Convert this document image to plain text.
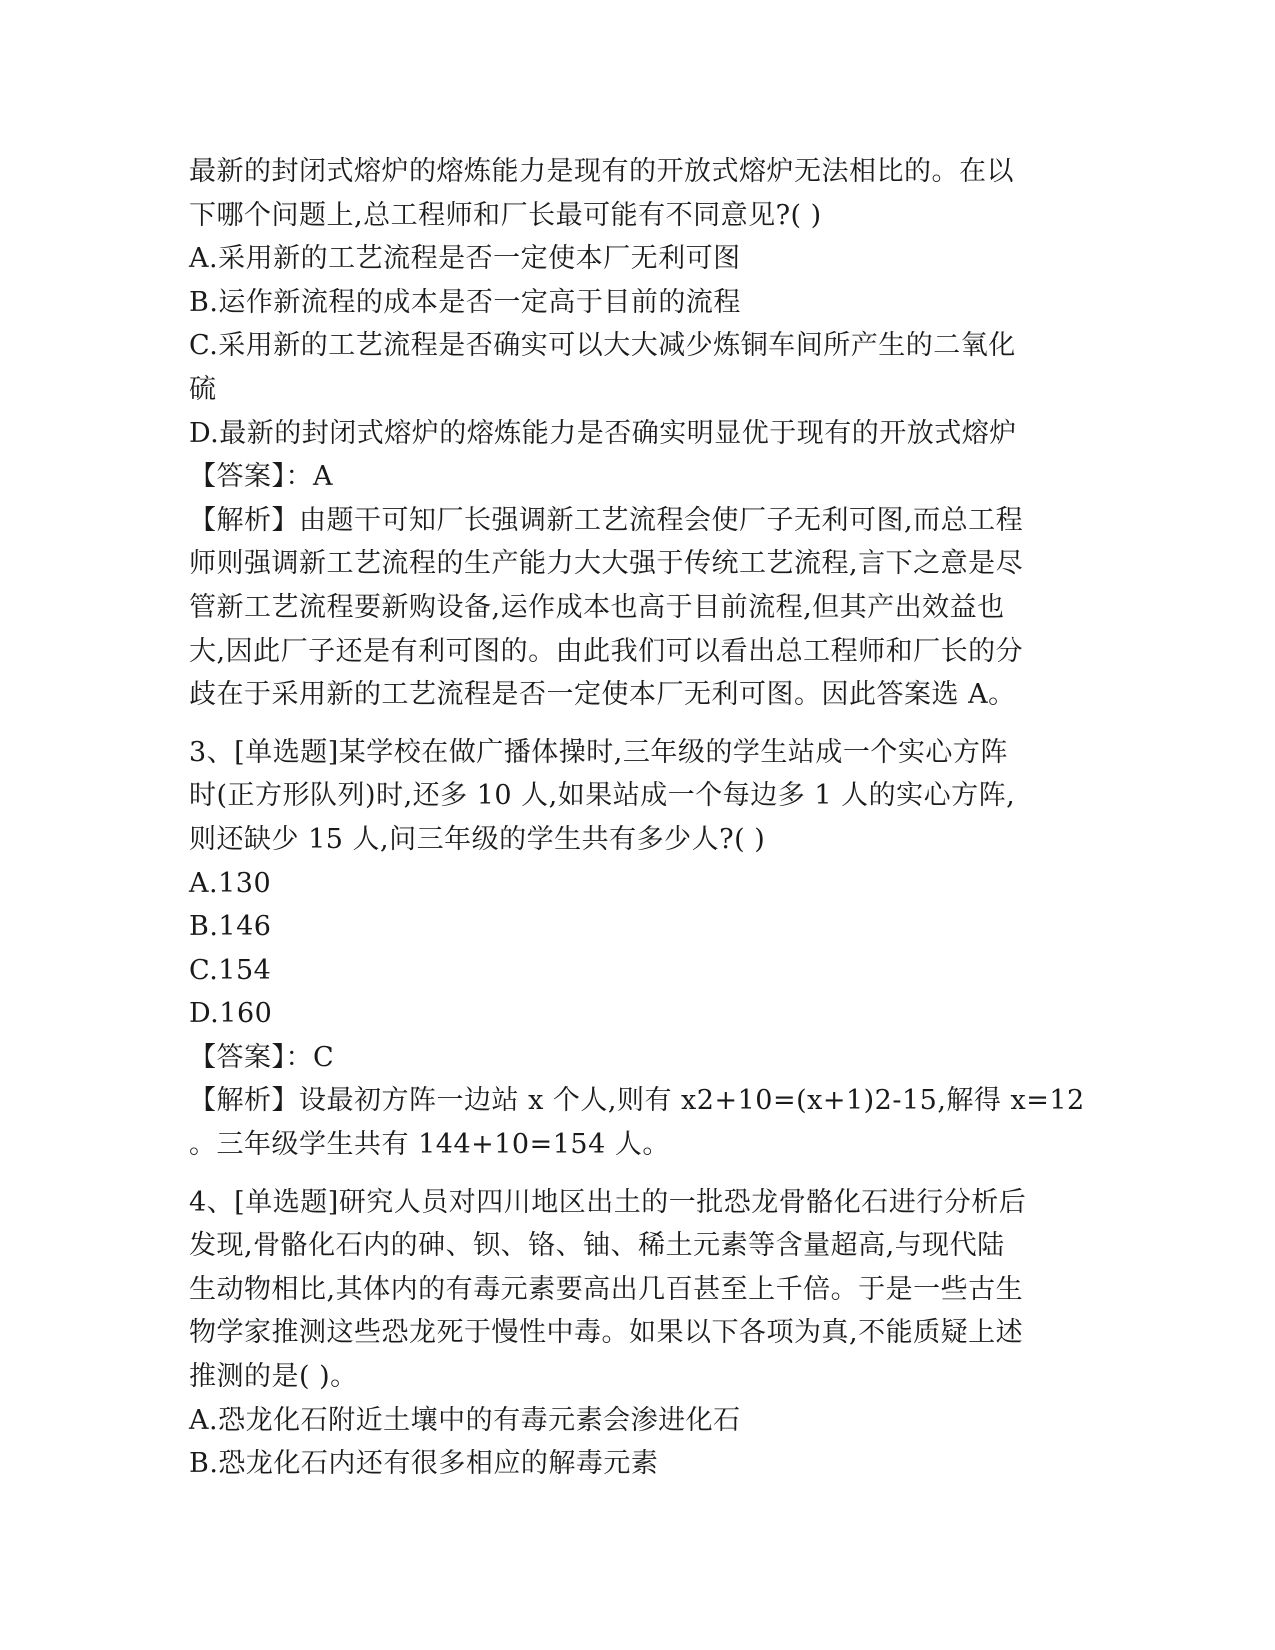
最新的封闭式熔炉的熔炼能力是现有的开放式熔炉无法相比的。在以
下哪个问题上,总工程师和厂长最可能有不同意见?( )
A.采用新的工艺流程是否一定使本厂无利可图
B.运作新流程的成本是否一定高于目前的流程
C.采用新的工艺流程是否确实可以大大减少炼铜车间所产生的二氧化
硫
D.最新的封闭式熔炉的熔炼能力是否确实明显优于现有的开放式熔炉
【答案】：A
【解析】由题干可知厂长强调新工艺流程会使厂子无利可图,而总工程
师则强调新工艺流程的生产能力大大强于传统工艺流程,言下之意是尽
管新工艺流程要新购设备,运作成本也高于目前流程,但其产出效益也
大,因此厂子还是有利可图的。由此我们可以看出总工程师和厂长的分
歧在于采用新的工艺流程是否一定使本厂无利可图。因此答案选 A。
3、[单选题]某学校在做广播体操时,三年级的学生站成一个实心方阵
时(正方形队列)时,还多 10 人,如果站成一个每边多 1 人的实心方阵,
则还缺少 15 人,问三年级的学生共有多少人?( )
A.130
B.146
C.154
D.160
【答案】：C
【解析】设最初方阵一边站 x 个人,则有 x2+10=(x+1)2-15,解得 x=12
。三年级学生共有 144+10=154 人。
4、[单选题]研究人员对四川地区出土的一批恐龙骨骼化石进行分析后
发现,骨骼化石内的砷、钡、铬、铀、稀土元素等含量超高,与现代陆
生动物相比,其体内的有毒元素要高出几百甚至上千倍。于是一些古生
物学家推测这些恐龙死于慢性中毒。如果以下各项为真,不能质疑上述
推测的是( )。
A.恐龙化石附近土壤中的有毒元素会渗进化石
B.恐龙化石内还有很多相应的解毒元素
